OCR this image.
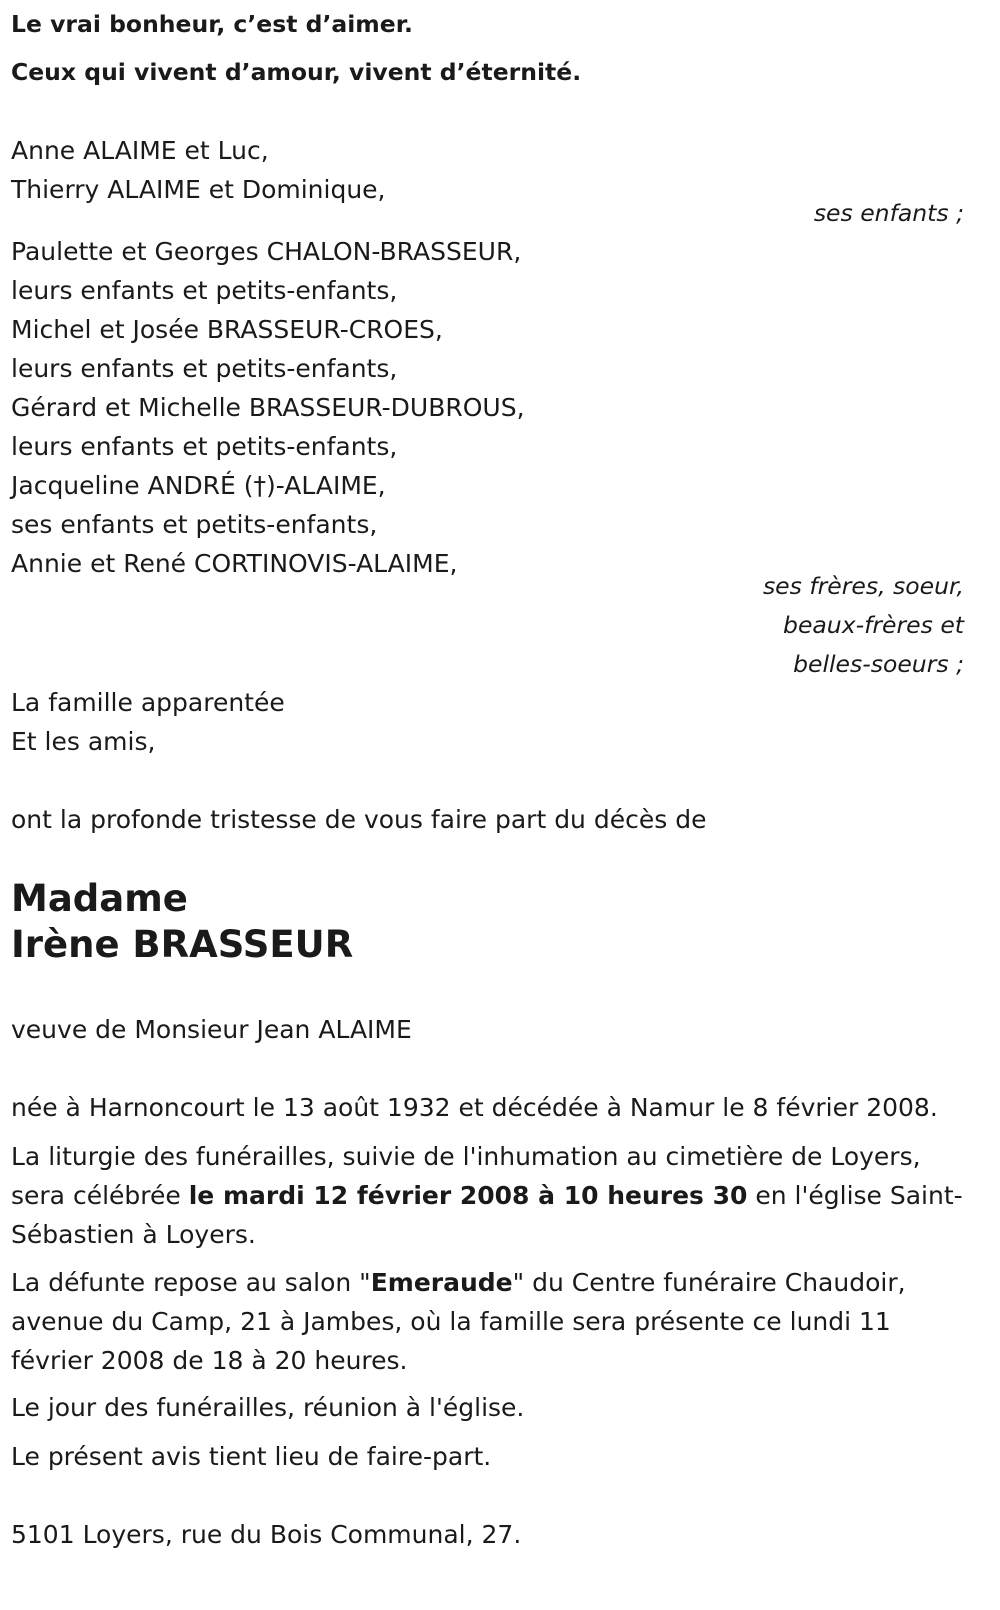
Le vrai bonheur, c’est d’aimer.

Ceux qui vivent d’amour, vivent d’éternité.

Anne ALAIME et Luc,

Thierry ALAIME et Dominique,

ses enfants ;

Paulette et Georges CHALON-BRASSEUR,

leurs enfants et petits-enfants,

Michel et Josée BRASSEUR-CROES,

leurs enfants et petits-enfants,

Gérard et Michelle BRASSEUR-DUBROUS,

leurs enfants et petits-enfants,

Jacqueline ANDRÉ (†)-ALAIME,

ses enfants et petits-enfants,

Annie et René CORTINOVIS-ALAIME,

ses frères, soeur,

beaux-frères et

belles-soeurs ;

La famille apparentée

Et les amis,

ont la profonde tristesse de vous faire part du décès de

Madame

Irène BRASSEUR

veuve de Monsieur Jean ALAIME

née à Harnoncourt le 13 août 1932 et décédée à Namur le 8 février 2008.

La liturgie des funérailles, suivie de l'inhumation au cimetière de Loyers, sera célébrée le mardi 12 février 2008 à 10 heures 30 en l'église Saint-Sébastien à Loyers.

La défunte repose au salon "Emeraude" du Centre funéraire Chaudoir, avenue du Camp, 21 à Jambes, où la famille sera présente ce lundi 11 février 2008 de 18 à 20 heures.

Le jour des funérailles, réunion à l'église.

Le présent avis tient lieu de faire-part.

5101 Loyers, rue du Bois Communal, 27.
